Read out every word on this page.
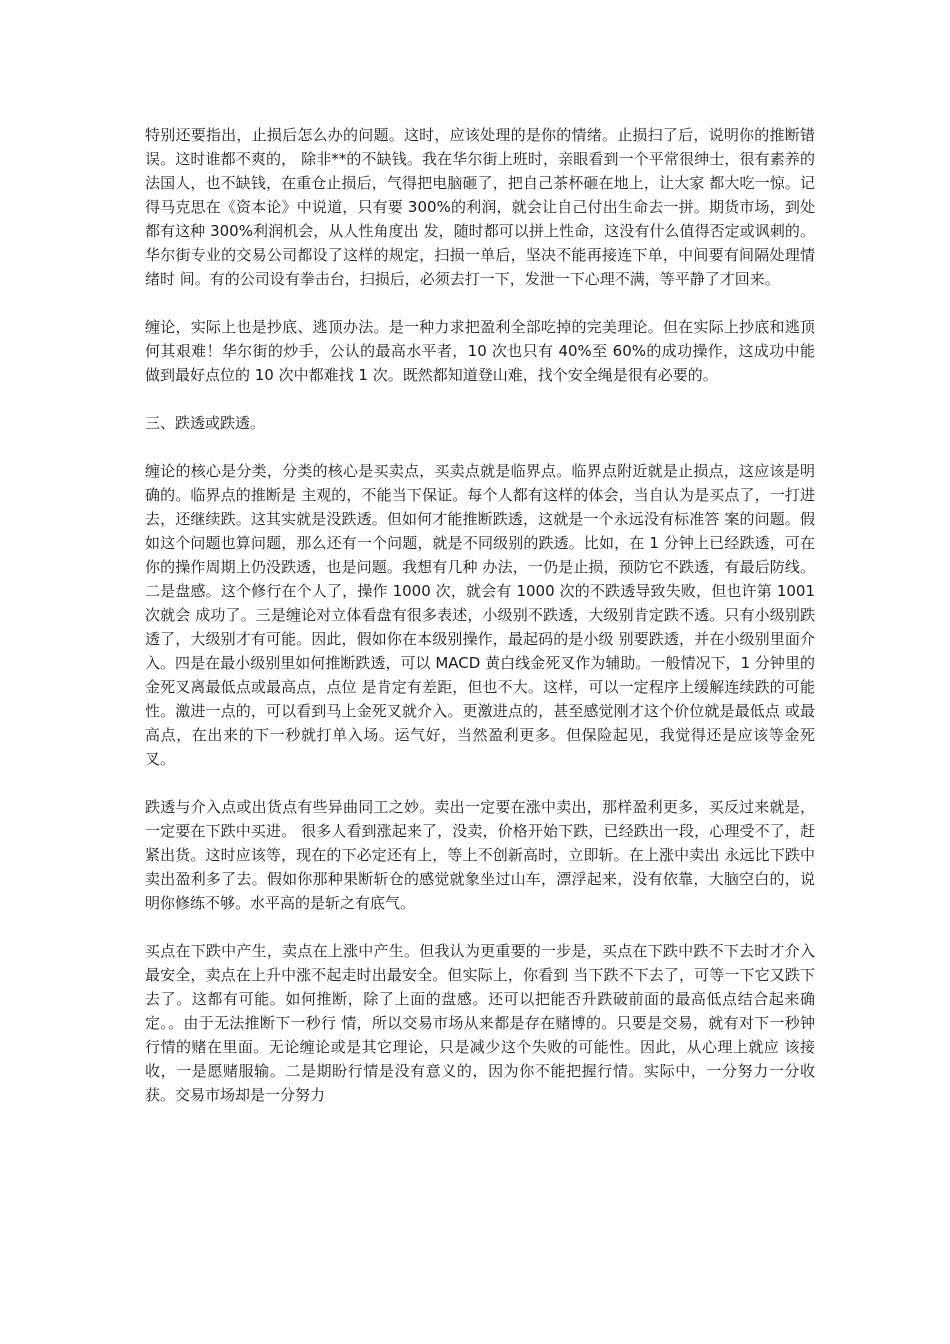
特别还要指出，止损后怎么办的问题。这时，应该处理的是你的情绪。止损扫了后，说明你的推断错误。这时谁都不爽的， 除非**的不缺钱。我在华尔街上班时，亲眼看到一个平常很绅士，很有素养的法国人，也不缺钱，在重仓止损后，气得把电脑砸了，把自己茶杯砸在地上，让大家 都大吃一惊。记得马克思在《资本论》中说道，只有要 300%的利润，就会让自己付出生命去一拼。期货市场，到处都有这种 300%利润机会，从人性角度出 发，随时都可以拼上性命，这没有什么值得否定或讽刺的。华尔街专业的交易公司都设了这样的规定，扫损一单后，坚决不能再接连下单，中间要有间隔处理情绪时 间。有的公司设有拳击台，扫损后，必须去打一下，发泄一下心理不满，等平静了才回来。

缠论，实际上也是抄底、逃顶办法。是一种力求把盈利全部吃掉的完美理论。但在实际上抄底和逃顶何其艰难！华尔街的炒手，公认的最高水平者，10 次也只有 40%至 60%的成功操作，这成功中能做到最好点位的 10 次中都难找 1 次。既然都知道登山难，找个安全绳是很有必要的。

三、跌透或跌透。

缠论的核心是分类，分类的核心是买卖点，买卖点就是临界点。临界点附近就是止损点，这应该是明确的。临界点的推断是 主观的，不能当下保证。每个人都有这样的体会，当自认为是买点了，一打进去，还继续跌。这其实就是没跌透。但如何才能推断跌透，这就是一个永远没有标准答 案的问题。假如这个问题也算问题，那么还有一个问题，就是不同级别的跌透。比如，在 1 分钟上已经跌透，可在你的操作周期上仍没跌透，也是问题。我想有几种 办法，一仍是止损，预防它不跌透，有最后防线。二是盘感。这个修行在个人了，操作 1000 次，就会有 1000 次的不跌透导致失败，但也许第 1001 次就会 成功了。三是缠论对立体看盘有很多表述，小级别不跌透，大级别肯定跌不透。只有小级别跌透了，大级别才有可能。因此，假如你在本级别操作，最起码的是小级 别要跌透，并在小级别里面介入。四是在最小级别里如何推断跌透，可以 MACD 黄白线金死叉作为辅助。一般情况下，1 分钟里的金死叉离最低点或最高点，点位 是肯定有差距，但也不大。这样，可以一定程序上缓解连续跌的可能性。激进一点的，可以看到马上金死叉就介入。更激进点的，甚至感觉刚才这个价位就是最低点 或最高点，在出来的下一秒就打单入场。运气好，当然盈利更多。但保险起见，我觉得还是应该等金死叉。

跌透与介入点或出货点有些异曲同工之妙。卖出一定要在涨中卖出，那样盈利更多，买反过来就是，一定要在下跌中买进。 很多人看到涨起来了，没卖，价格开始下跌，已经跌出一段，心理受不了，赶紧出货。这时应该等，现在的下必定还有上，等上不创新高时，立即斩。在上涨中卖出 永远比下跌中卖出盈利多了去。假如你那种果断斩仓的感觉就象坐过山车，漂浮起来，没有依靠，大脑空白的，说明你修练不够。水平高的是斩之有底气。

买点在下跌中产生，卖点在上涨中产生。但我认为更重要的一步是，买点在下跌中跌不下去时才介入最安全，卖点在上升中涨不起走时出最安全。但实际上，你看到 当下跌不下去了，可等一下它又跌下去了。这都有可能。如何推断，除了上面的盘感。还可以把能否升跌破前面的最高低点结合起来确定。。由于无法推断下一秒行 情，所以交易市场从来都是存在赌博的。只要是交易，就有对下一秒钟行情的赌在里面。无论缠论或是其它理论，只是减少这个失败的可能性。因此，从心理上就应 该接收，一是愿赌服输。二是期盼行情是没有意义的，因为你不能把握行情。实际中，一分努力一分收获。交易市场却是一分努力
